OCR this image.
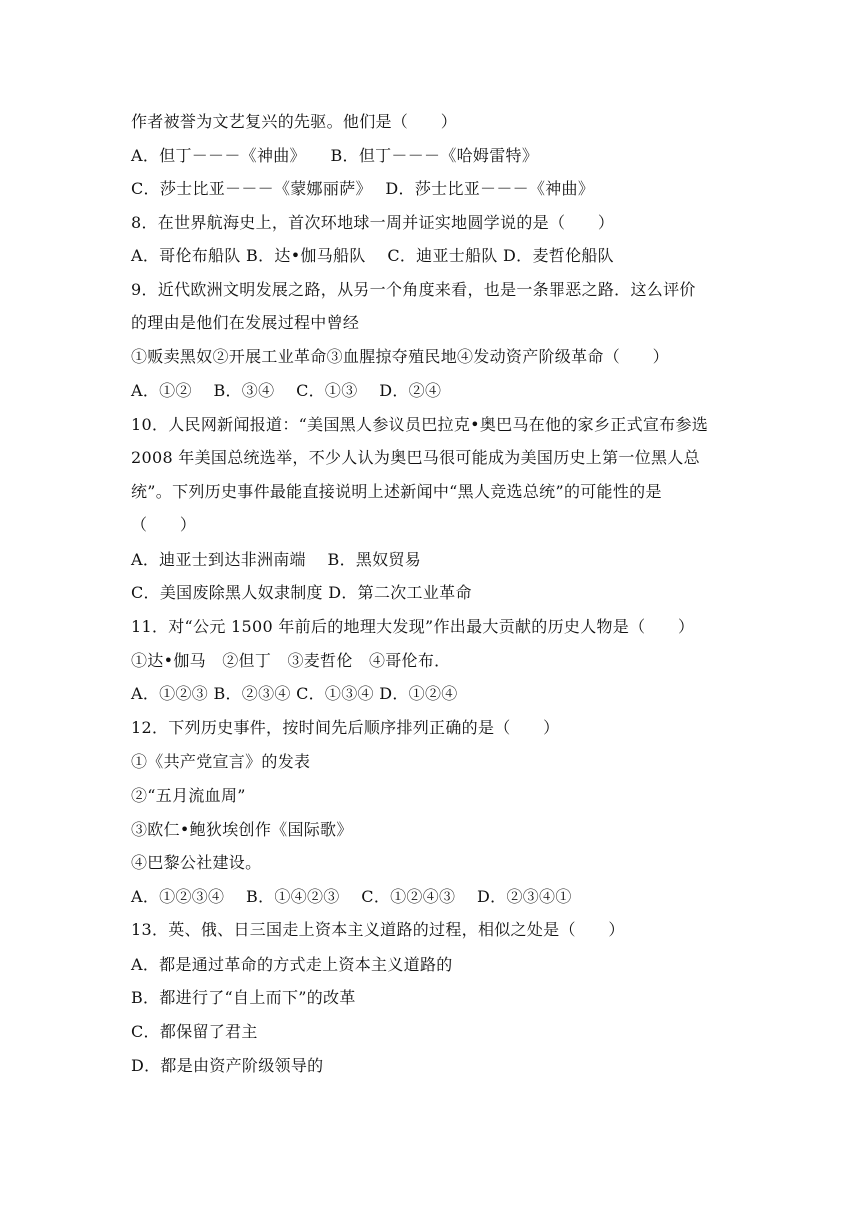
作者被誉为文艺复兴的先驱。他们是（　　）
A．但丁－－－《神曲》　　B．但丁－－－《哈姆雷特》
C．莎士比亚－－－《蒙娜丽萨》　 D．莎士比亚－－－《神曲》
8．在世界航海史上，首次环地球一周并证实地圆学说的是（　　）
A．哥伦布船队 B．达•伽马船队　 C．迪亚士船队 D．麦哲伦船队
9．近代欧洲文明发展之路，从另一个角度来看，也是一条罪恶之路．这么评价
的理由是他们在发展过程中曾经
①贩卖黑奴②开展工业革命③血腥掠夺殖民地④发动资产阶级革命（　　）
A．①②　 B．③④　 C．①③　 D．②④
10．人民网新闻报道：“美国黑人参议员巴拉克•奥巴马在他的家乡正式宣布参选
2008 年美国总统选举，不少人认为奥巴马很可能成为美国历史上第一位黑人总
统”。下列历史事件最能直接说明上述新闻中“黑人竞选总统”的可能性的是
（　　）
A．迪亚士到达非洲南端　 B．黑奴贸易
C．美国废除黑人奴隶制度 D．第二次工业革命
11．对“公元 1500 年前后的地理大发现”作出最大贡献的历史人物是（　　）
①达•伽马　②但丁　③麦哲伦　④哥伦布．
A．①②③ B．②③④ C．①③④ D．①②④
12．下列历史事件，按时间先后顺序排列正确的是（　　）
①《共产党宣言》的发表
②“五月流血周”
③欧仁•鲍狄埃创作《国际歌》
④巴黎公社建设。
A．①②③④　 B．①④②③　 C．①②④③　 D．②③④①
13．英、俄、日三国走上资本主义道路的过程，相似之处是（　　）
A．都是通过革命的方式走上资本主义道路的
B．都进行了“自上而下”的改革
C．都保留了君主
D．都是由资产阶级领导的
